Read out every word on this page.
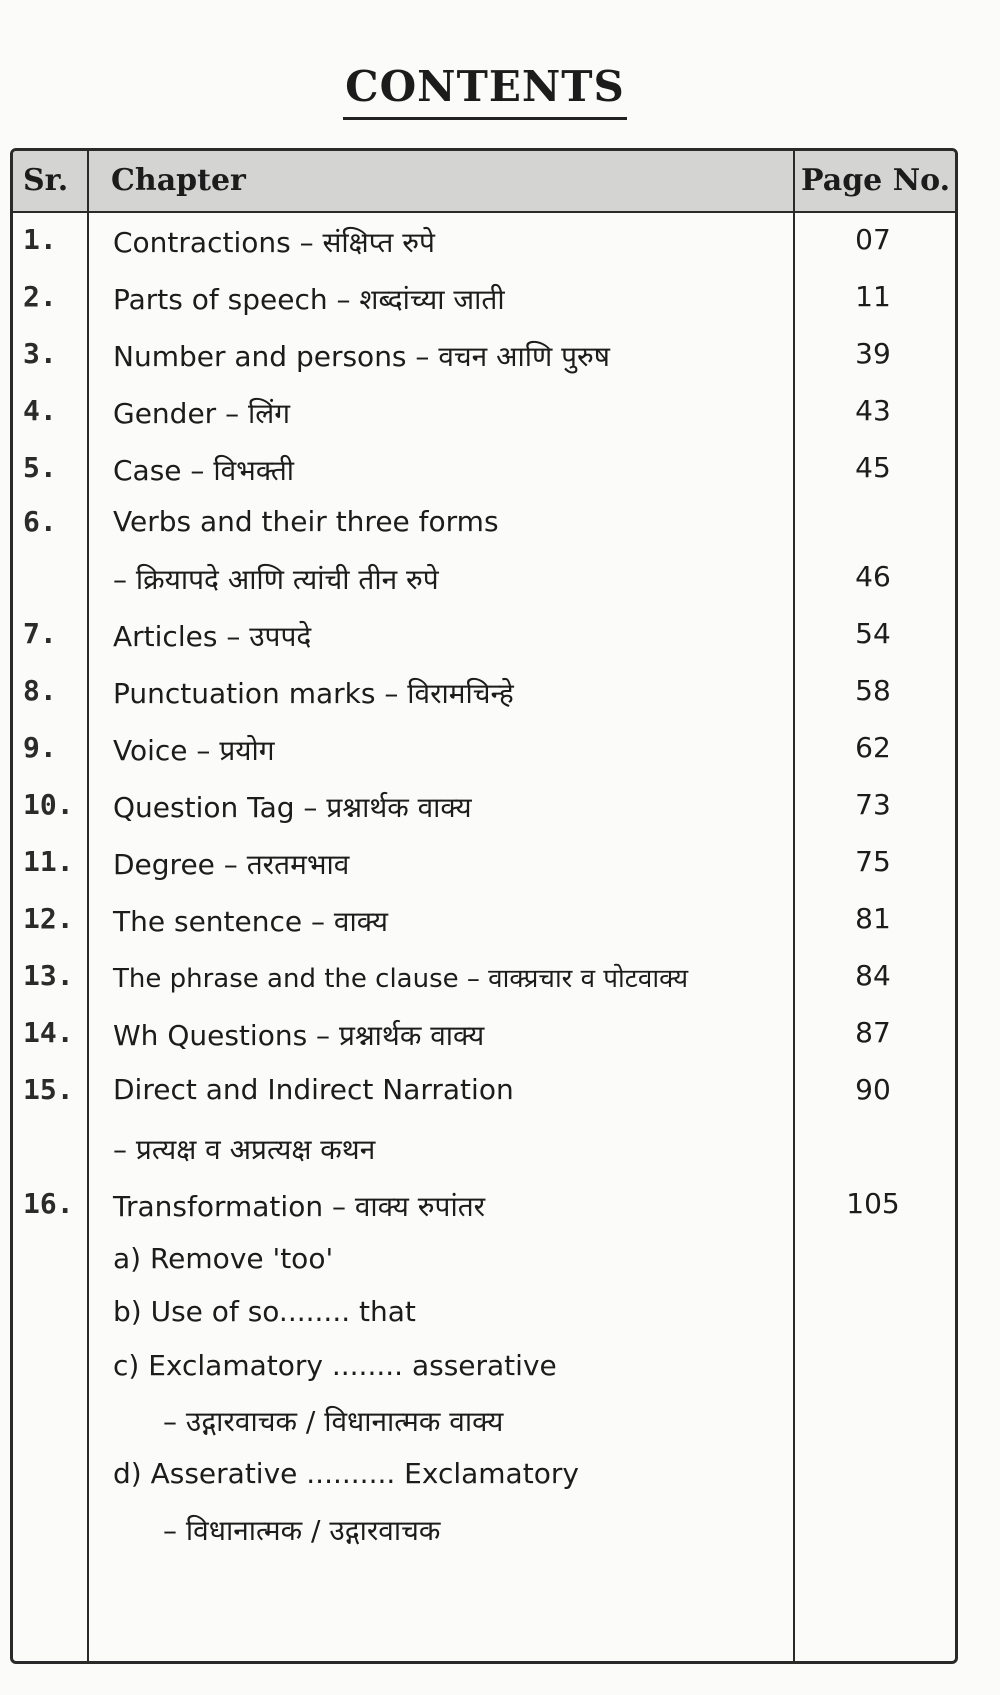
CONTENTS
Sr. Chapter	Page No.
1. Contractions – संक्षिप्त रुपे	07
2. Parts of speech – शब्दांच्या जाती	11
3. Number and persons – वचन आणि पुरुष	39
4. Gender – लिंग	43
5. Case – विभक्ती	45
6. Verbs and their three forms
– क्रियापदे आणि त्यांची तीन रुपे	46
7. Articles – उपपदे	54
8. Punctuation marks – विरामचिन्हे	58
9. Voice – प्रयोग	62
10. Question Tag – प्रश्नार्थक वाक्य	73
11. Degree – तरतमभाव	75
12. The sentence – वाक्य	81
13. The phrase and the clause – वाक्प्रचार व पोटवाक्य	84
14. Wh Questions – प्रश्नार्थक वाक्य	87
15. Direct and Indirect Narration	90
– प्रत्यक्ष व अप्रत्यक्ष कथन
16. Transformation – वाक्य रुपांतर	105
a) Remove 'too'
b) Use of so........ that
c) Exclamatory ........ asserative
– उद्गारवाचक / विधानात्मक वाक्य
d) Asserative .......... Exclamatory
– विधानात्मक / उद्गारवाचक
